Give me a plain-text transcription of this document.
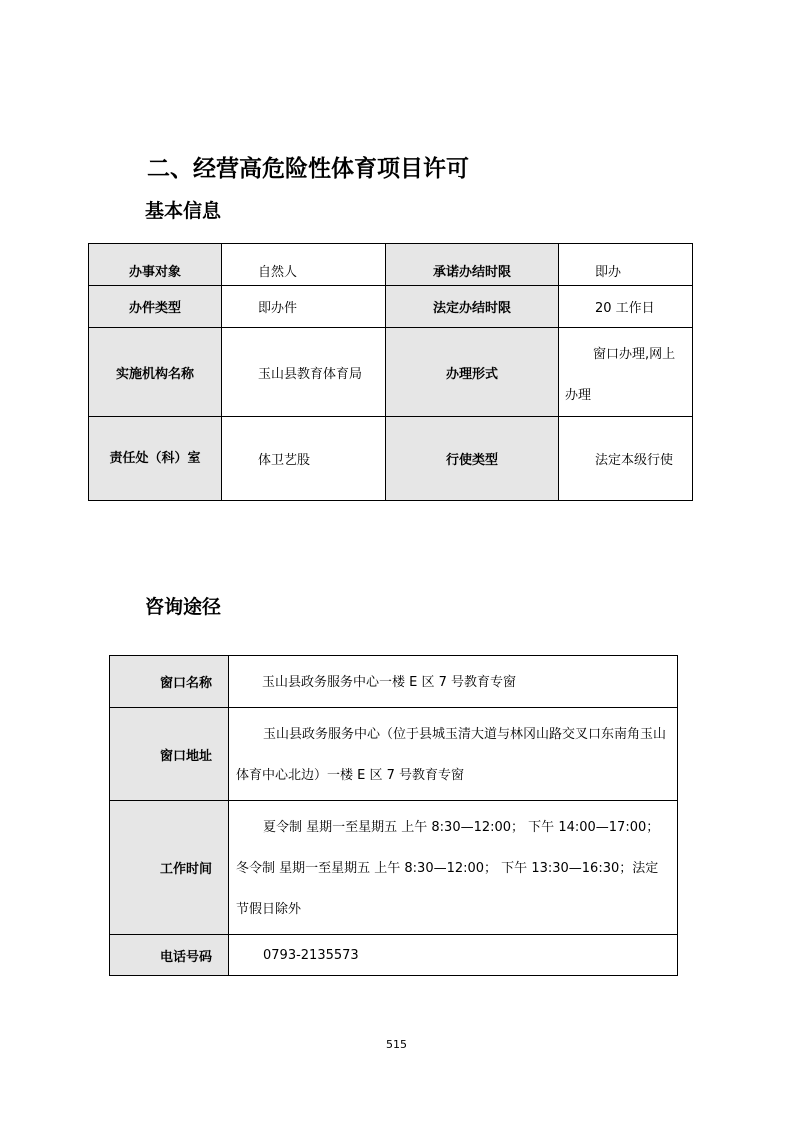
二、经营高危险性体育项目许可
基本信息
办事对象	自然人	承诺办结时限	即办
办件类型	即办件	法定办结时限	20 工作日
实施机构名称	玉山县教育体育局	办理形式	窗口办理,网上办理
责任处（科）室	体卫艺股	行使类型	法定本级行使
咨询途径
窗口名称	玉山县政务服务中心一楼 E 区 7 号教育专窗
窗口地址	玉山县政务服务中心（位于县城玉清大道与林冈山路交叉口东南角玉山体育中心北边）一楼 E 区 7 号教育专窗
工作时间	夏令制 星期一至星期五 上午 8:30—12:00； 下午 14:00—17:00；冬令制 星期一至星期五 上午 8:30—12:00； 下午 13:30—16:30；法定节假日除外
电话号码	0793-2135573
515
